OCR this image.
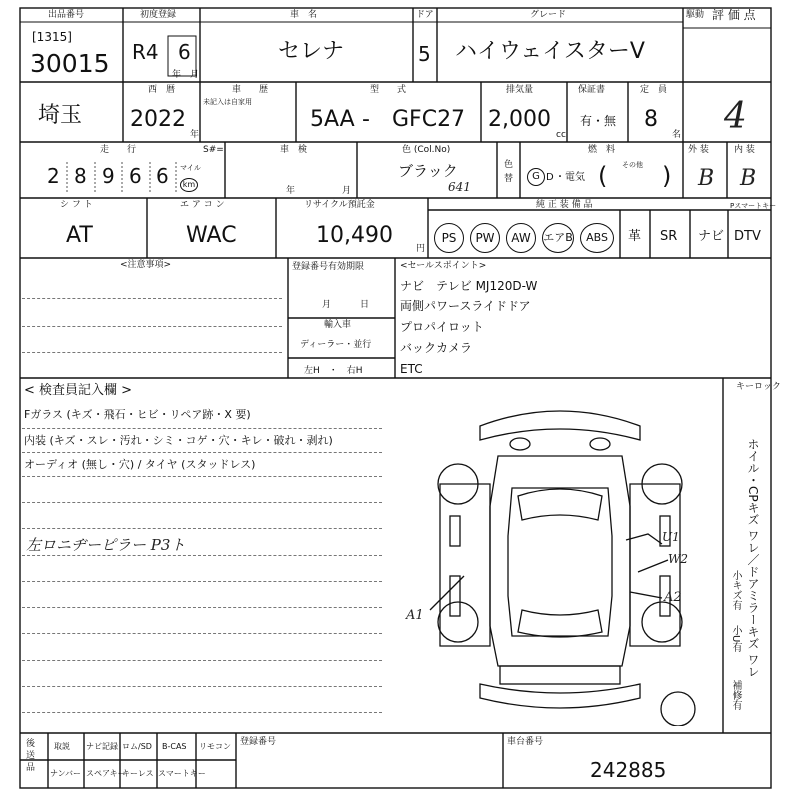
出品番号
[1315]
30015
初度登録
R4 6
年 月
車　名
セレナ
ドア
5
グレード
ハイウェイスターV
駆動 評 価 点
4
埼玉
西　暦
2022
年
車　　歴
未記入は自家用
型　　式
5AA - GFC27
排気量
2,000
cc
保証書
有・無
定　員
8
名
走　　行
2 8 9 6 6 マイル
km
S#=	車　検
年	月
色 (Col.No)
ブラック
641
色替
燃　料
G D ・電気
その他
( )
外 装
B
内 装
B
シ フ ト
AT
エ ア コ ン
WAC
リサイクル預託金
10,490
円
純 正 装 備 品	Pスマートキー
PS	PW	AW	エアB	ABS	革 SR ナビ DTV
<注意事項>	登録番号有効期限
月	日
輸入車
ディーラー・並行
左H　・　右H
<セールスポイント>
ナビ　テレビ MJ120D-W
両側パワースライドドア
プロパイロット
バックカメラ
ETC
< 検査員記入欄 >
Fガラス (キズ・飛石・ヒビ・リペア跡・X 要)
内装 (キズ・スレ・汚れ・シミ・コゲ・穴・キレ・破れ・剥れ)
オーディオ (無し・穴) / タイヤ (スタッドレス)
左ロニヂーピラー P3ト
キーロック
ホイル・CPキズ ワレ／ドアミラーキズ ワレ
小キズ有
小U有
補修有
U1
W2
A1
A2
後送品
取説 ナビ記録 ロム/SD B-CAS リモコン
ナンバー スペアキー
キーレス スマートキー
登録番号	車台番号
242885
